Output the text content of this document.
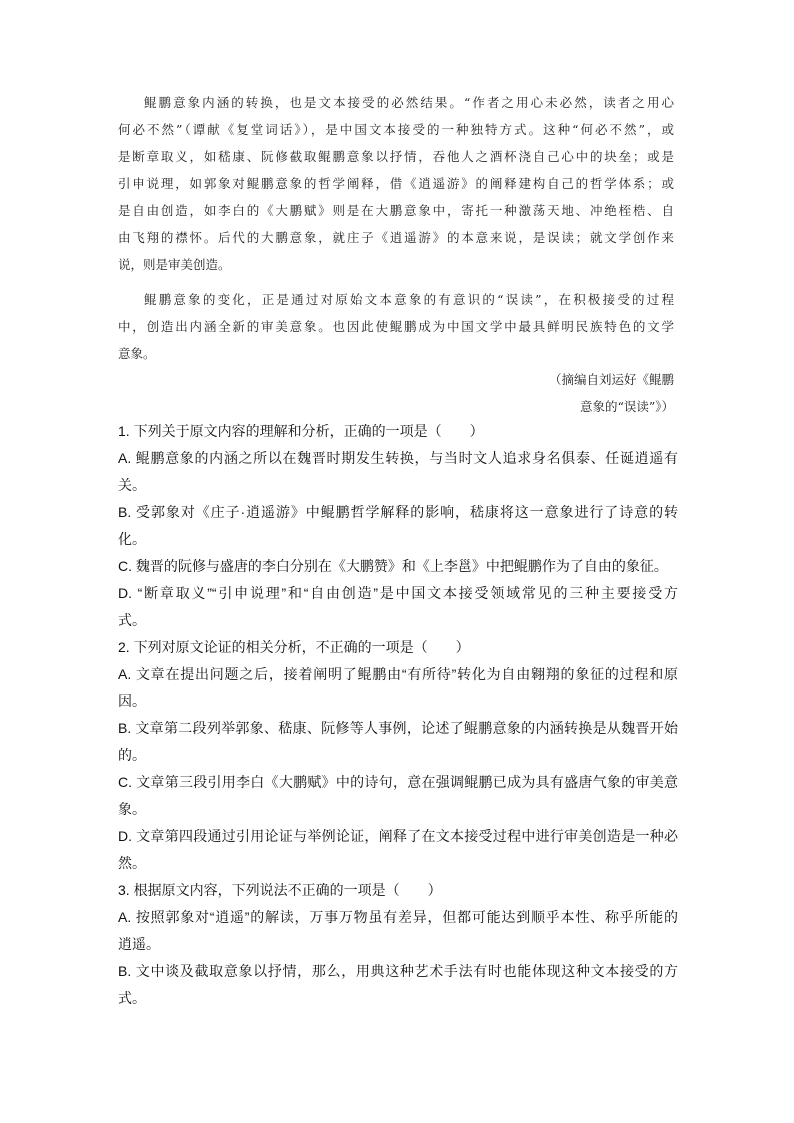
鲲鹏意象内涵的转换，也是文本接受的必然结果。“作者之用心未必然，读者之用心
何必不然”（谭献《复堂词话》），是中国文本接受的一种独特方式。这种“何必不然”，或
是断章取义，如嵇康、阮修截取鲲鹏意象以抒情，吞他人之酒杯浇自己心中的块垒；或是
引申说理，如郭象对鲲鹏意象的哲学阐释，借《逍遥游》的阐释建构自己的哲学体系；或
是自由创造，如李白的《大鹏赋》则是在大鹏意象中，寄托一种激荡天地、冲绝桎梏、自
由飞翔的襟怀。后代的大鹏意象，就庄子《逍遥游》的本意来说，是误读；就文学创作来
说，则是审美创造。
鲲鹏意象的变化，正是通过对原始文本意象的有意识的“误读”，在积极接受的过程
中，创造出内涵全新的审美意象。也因此使鲲鹏成为中国文学中最具鲜明民族特色的文学
意象。
（摘编自刘运好《鲲鹏
意象的“误读”》）
1. 下列关于原文内容的理解和分析，正确的一项是（　　）
A. 鲲鹏意象的内涵之所以在魏晋时期发生转换，与当时文人追求身名俱泰、任诞逍遥有
关。
B. 受郭象对《庄子·逍遥游》中鲲鹏哲学解释的影响，嵇康将这一意象进行了诗意的转
化。
C. 魏晋的阮修与盛唐的李白分别在《大鹏赞》和《上李邕》中把鲲鹏作为了自由的象征。
D. “断章取义”“引申说理”和“自由创造”是中国文本接受领域常见的三种主要接受方
式。
2. 下列对原文论证的相关分析，不正确的一项是（　　）
A. 文章在提出问题之后，接着阐明了鲲鹏由“有所待”转化为自由翱翔的象征的过程和原
因。
B. 文章第二段列举郭象、嵇康、阮修等人事例，论述了鲲鹏意象的内涵转换是从魏晋开始
的。
C. 文章第三段引用李白《大鹏赋》中的诗句，意在强调鲲鹏已成为具有盛唐气象的审美意
象。
D. 文章第四段通过引用论证与举例论证，阐释了在文本接受过程中进行审美创造是一种必
然。
3. 根据原文内容，下列说法不正确的一项是（　　）
A. 按照郭象对“逍遥”的解读，万事万物虽有差异，但都可能达到顺乎本性、称乎所能的
逍遥。
B. 文中谈及截取意象以抒情，那么，用典这种艺术手法有时也能体现这种文本接受的方
式。
